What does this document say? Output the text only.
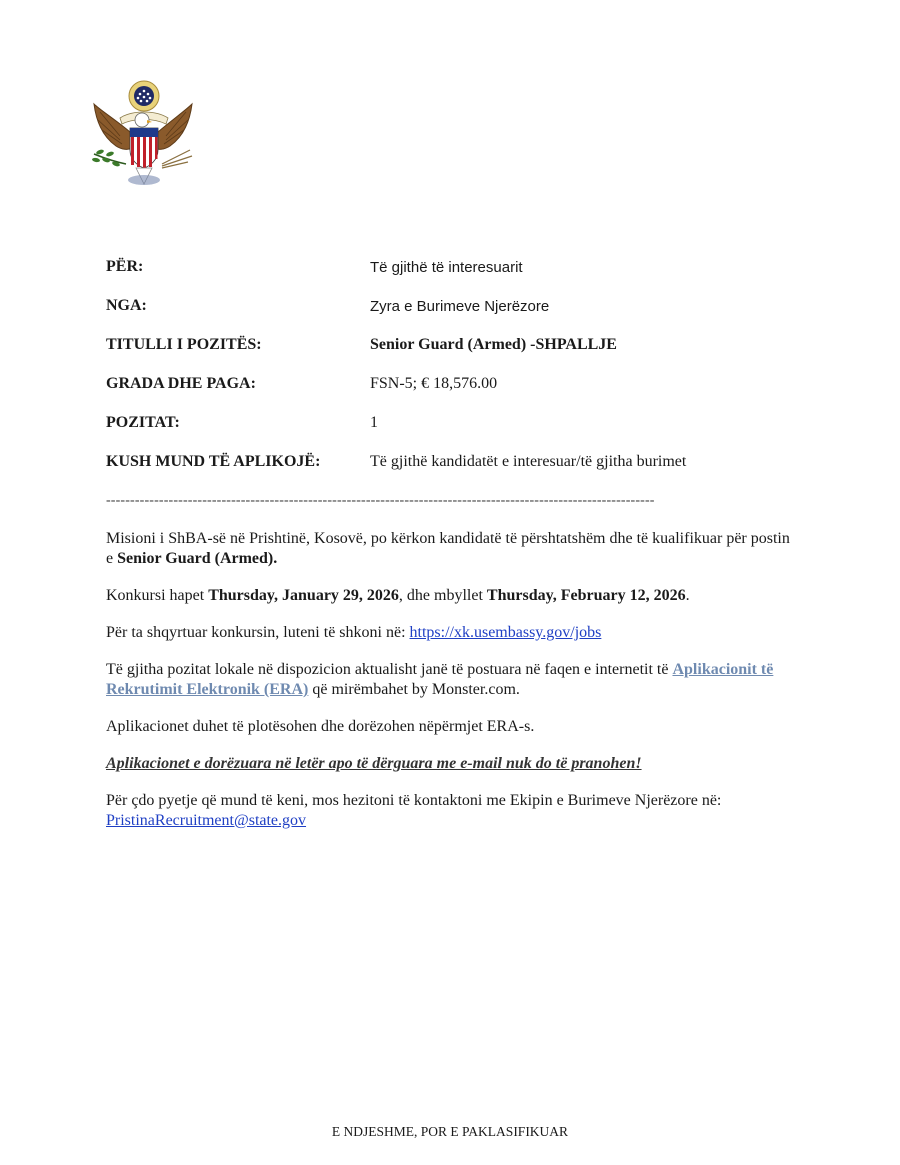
PËR:	Të gjithë të interesuarit
NGA:	Zyra e Burimeve Njerëzore
TITULLI I POZITËS:	Senior Guard (Armed) -SHPALLJE
GRADA DHE PAGA:	FSN-5; € 18,576.00
POZITAT:	1
KUSH MUND TË APLIKOJË:	Të gjithë kandidatët e interesuar/të gjitha burimet
------------------------------------------------------------------------------------------------------------------

Misioni i ShBA-së në Prishtinë, Kosovë, po kërkon kandidatë të përshtatshëm dhe të kualifikuar për postin e Senior Guard (Armed).

Konkursi hapet Thursday, January 29, 2026, dhe mbyllet Thursday, February 12, 2026.

Për ta shqyrtuar konkursin, luteni të shkoni në: https://xk.usembassy.gov/jobs

Të gjitha pozitat lokale në dispozicion aktualisht janë të postuara në faqen e internetit të Aplikacionit të Rekrutimit Elektronik (ERA) që mirëmbahet by Monster.com.

Aplikacionet duhet të plotësohen dhe dorëzohen nëpërmjet ERA-s.

Aplikacionet e dorëzuara në letër apo të dërguara me e-mail nuk do të pranohen!

Për çdo pyetje që mund të keni, mos hezitoni të kontaktoni me Ekipin e Burimeve Njerëzore në: PristinaRecruitment@state.gov

E NDJESHME, POR E PAKLASIFIKUAR
